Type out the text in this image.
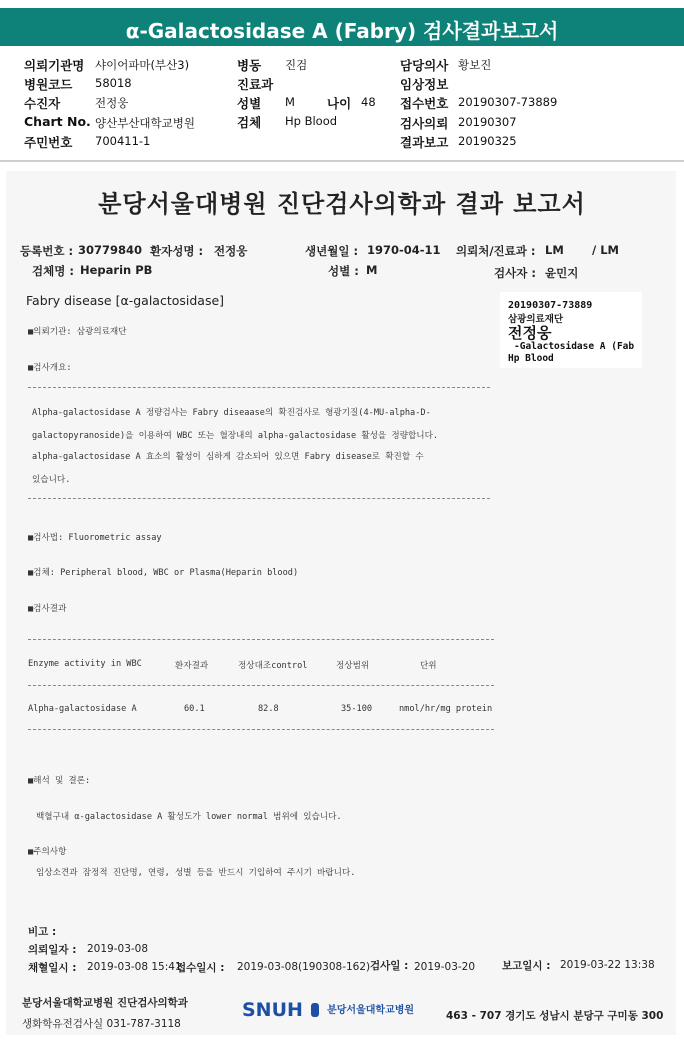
α-Galactosidase A (Fabry) 검사결과보고서
의뢰기관명 샤이어파마(부산3)
병원코드 58018
수진자	전정웅
Chart No. 양산부산대학교병원
주민번호 700411-1
병동 진검
진료과
성별 M	나이 48
검체 Hp Blood
담당의사 황보진
임상정보
접수번호 20190307-73889
검사의뢰 20190307
결과보고 20190325
분당서울대병원 진단검사의학과 결과 보고서
등록번호 : 30779840 환자성명 : 전정웅	생년월일 : 1970-04-11 의뢰처/진료과 : LM / LM
검체명 : Heparin PB	성별 : M	검사자 : 윤민지
Fabry disease [α-galactosidase]	20190307-73889
삼광의료재단
전정웅
-Galactosidase A (Fab
Hp Blood
■의뢰기관: 삼광의료재단
■검사개요:
Alpha-galactosidase A 정량검사는 Fabry diseaase의 확진검사로 형광기질(4-MU-alpha-D-
galactopyranoside)을 이용하여 WBC 또는 혈장내의 alpha-galactosidase 활성을 정량합니다.
alpha-galactosidase A 효소의 활성이 심하게 감소되어 있으면 Fabry disease로 확진할 수
있습니다.
■검사법: Fluorometric assay
■검체: Peripheral blood, WBC or Plasma(Heparin blood)
■검사결과
Enzyme activity in WBC	환자결과	정상대조control	정상범위	단위
Alpha-galactosidase A	60.1	82.8	35-100	nmol/hr/mg protein
■해석 및 결론:
백혈구내 α-galactosidase A 활성도가 lower normal 범위에 있습니다.
■주의사항
임상소견과 잠정적 진단명, 연령, 성별 등을 반드시 기입하여 주시기 바랍니다.
비고 :
의뢰일자 : 2019-03-08
채혈일시 : 2019-03-08 15:41
접수일시 : 2019-03-08(190308-162) 검사일 : 2019-03-20	보고일시 : 2019-03-22 13:38
분당서울대학교병원 진단검사의학과
생화학유전검사실 031-787-3118
SNUH 분당서울대학교병원	463 - 707 경기도 성남시 분당구 구미동 300
